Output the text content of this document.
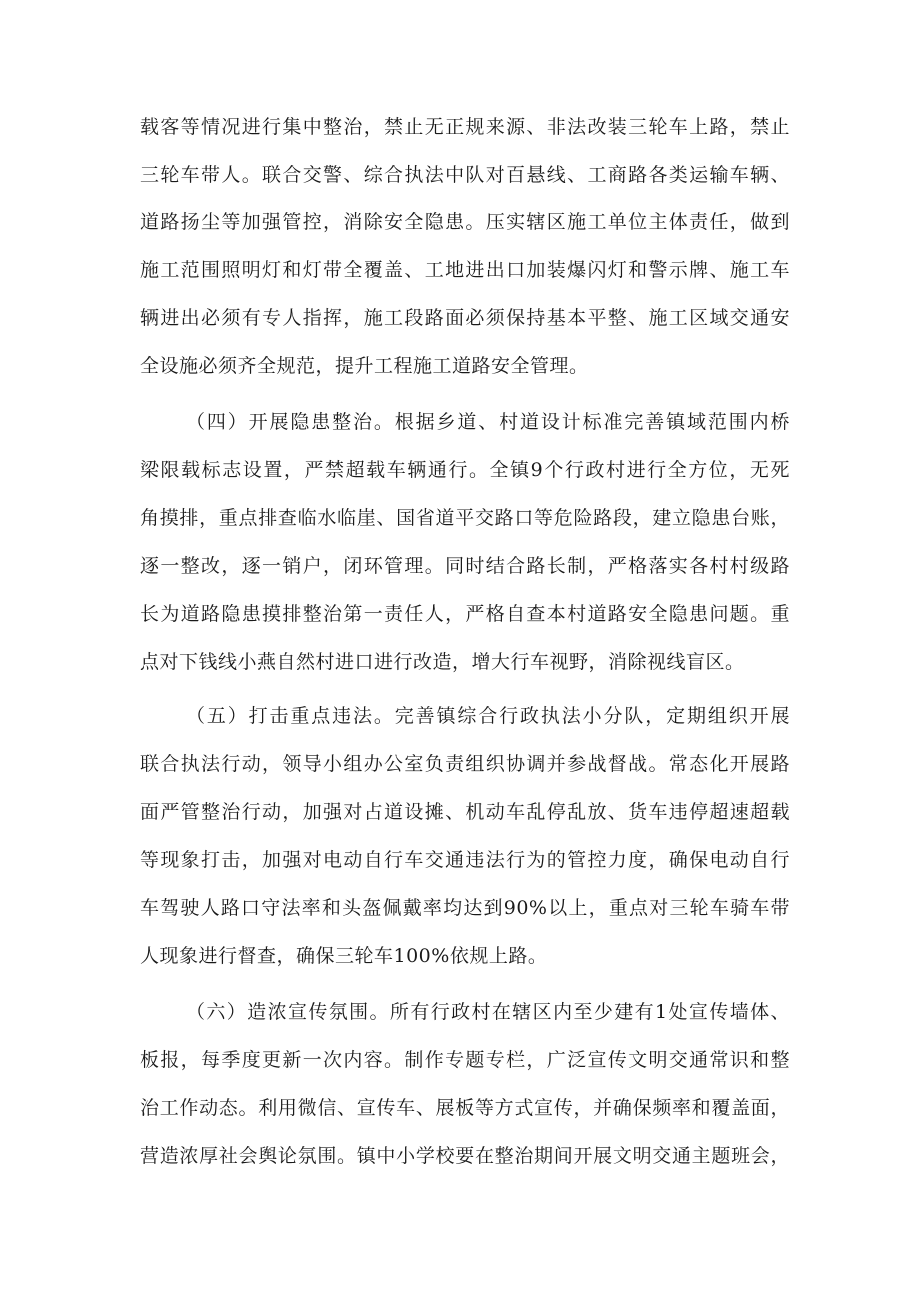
载客等情况进行集中整治，禁止无正规来源、非法改装三轮车上路，禁止
三轮车带人。联合交警、综合执法中队对百悬线、工商路各类运输车辆、
道路扬尘等加强管控，消除安全隐患。压实辖区施工单位主体责任，做到
施工范围照明灯和灯带全覆盖、工地进出口加装爆闪灯和警示牌、施工车
辆进出必须有专人指挥，施工段路面必须保持基本平整、施工区域交通安
全设施必须齐全规范，提升工程施工道路安全管理。
（四）开展隐患整治。根据乡道、村道设计标准完善镇域范围内桥
梁限载标志设置，严禁超载车辆通行。全镇9个行政村进行全方位，无死
角摸排，重点排查临水临崖、国省道平交路口等危险路段，建立隐患台账，
逐一整改，逐一销户，闭环管理。同时结合路长制，严格落实各村村级路
长为道路隐患摸排整治第一责任人，严格自查本村道路安全隐患问题。重
点对下钱线小燕自然村进口进行改造，增大行车视野，消除视线盲区。
（五）打击重点违法。完善镇综合行政执法小分队，定期组织开展
联合执法行动，领导小组办公室负责组织协调并参战督战。常态化开展路
面严管整治行动，加强对占道设摊、机动车乱停乱放、货车违停超速超载
等现象打击，加强对电动自行车交通违法行为的管控力度，确保电动自行
车驾驶人路口守法率和头盔佩戴率均达到90%以上，重点对三轮车骑车带
人现象进行督查，确保三轮车100%依规上路。
（六）造浓宣传氛围。所有行政村在辖区内至少建有1处宣传墙体、
板报，每季度更新一次内容。制作专题专栏，广泛宣传文明交通常识和整
治工作动态。利用微信、宣传车、展板等方式宣传，并确保频率和覆盖面，
营造浓厚社会舆论氛围。镇中小学校要在整治期间开展文明交通主题班会，
